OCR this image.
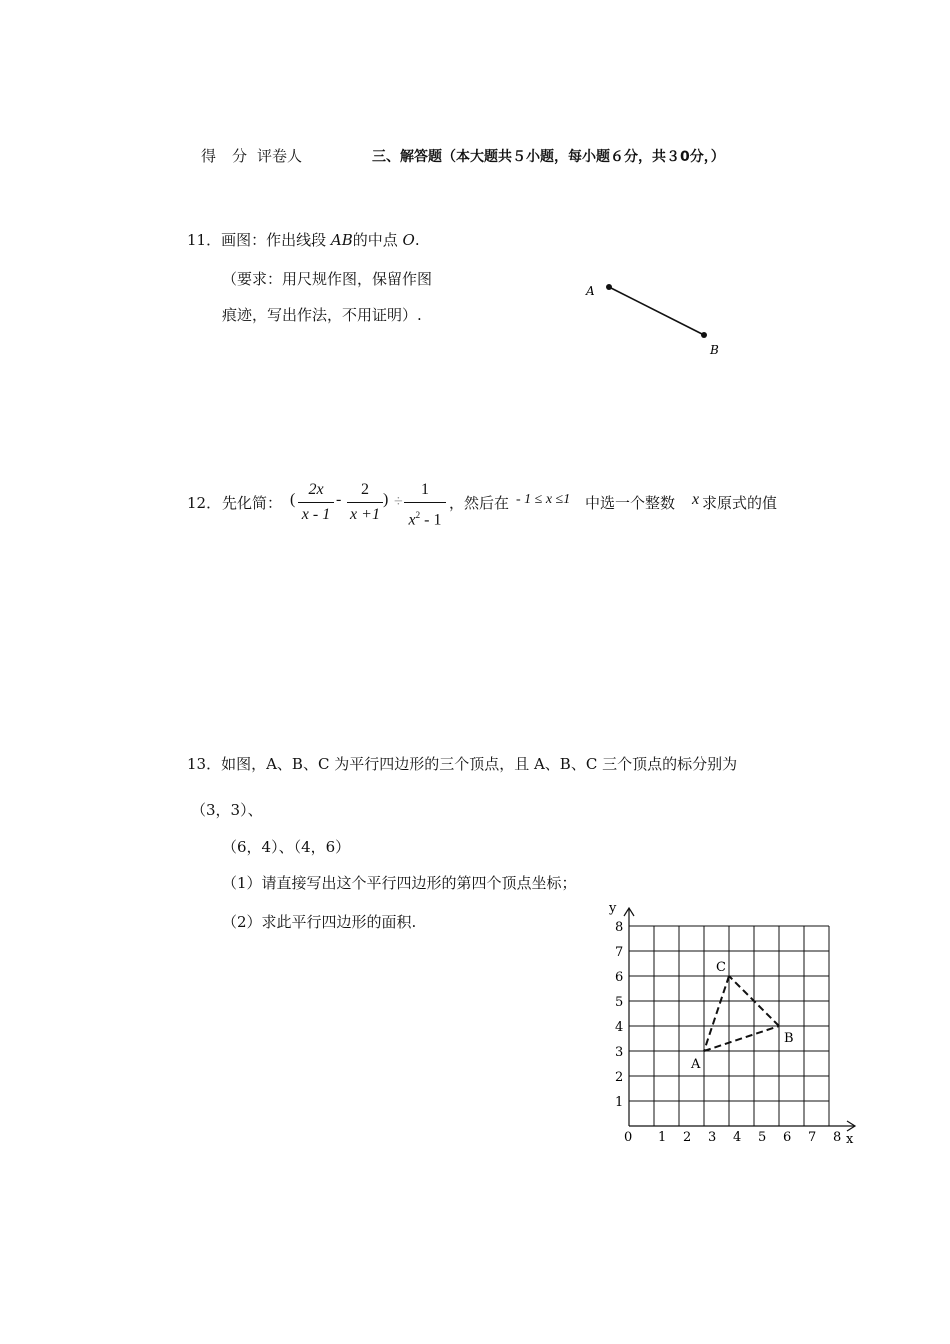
得 分 评卷人	三、解答题（本大题共５小题，每小题６分，共３0分，）
11．画图：作出线段 AB的中点 O.
（要求：用尺规作图，保留作图
痕迹，写出作法，不用证明）.
A
B
12． 先化简： (
2x
x - 1
-
2
x +1
) ÷
1
$x^2 - 1$
，然后在 - 1 ≤ x ≤1 中选一个整数 x 求原式的值
13．如图，A、B、C 为平行四边形的三个顶点，且 A、B、C 三个顶点的标分别为
（3，3）、
（6，4）、（4，6）
（1）请直接写出这个平行四边形的第四个顶点坐标；
（2）求此平行四边形的面积.
0 1 2 3 4 5 6 7 8
1
2
3
4
5
6
7
8
x
y
A
B
C
